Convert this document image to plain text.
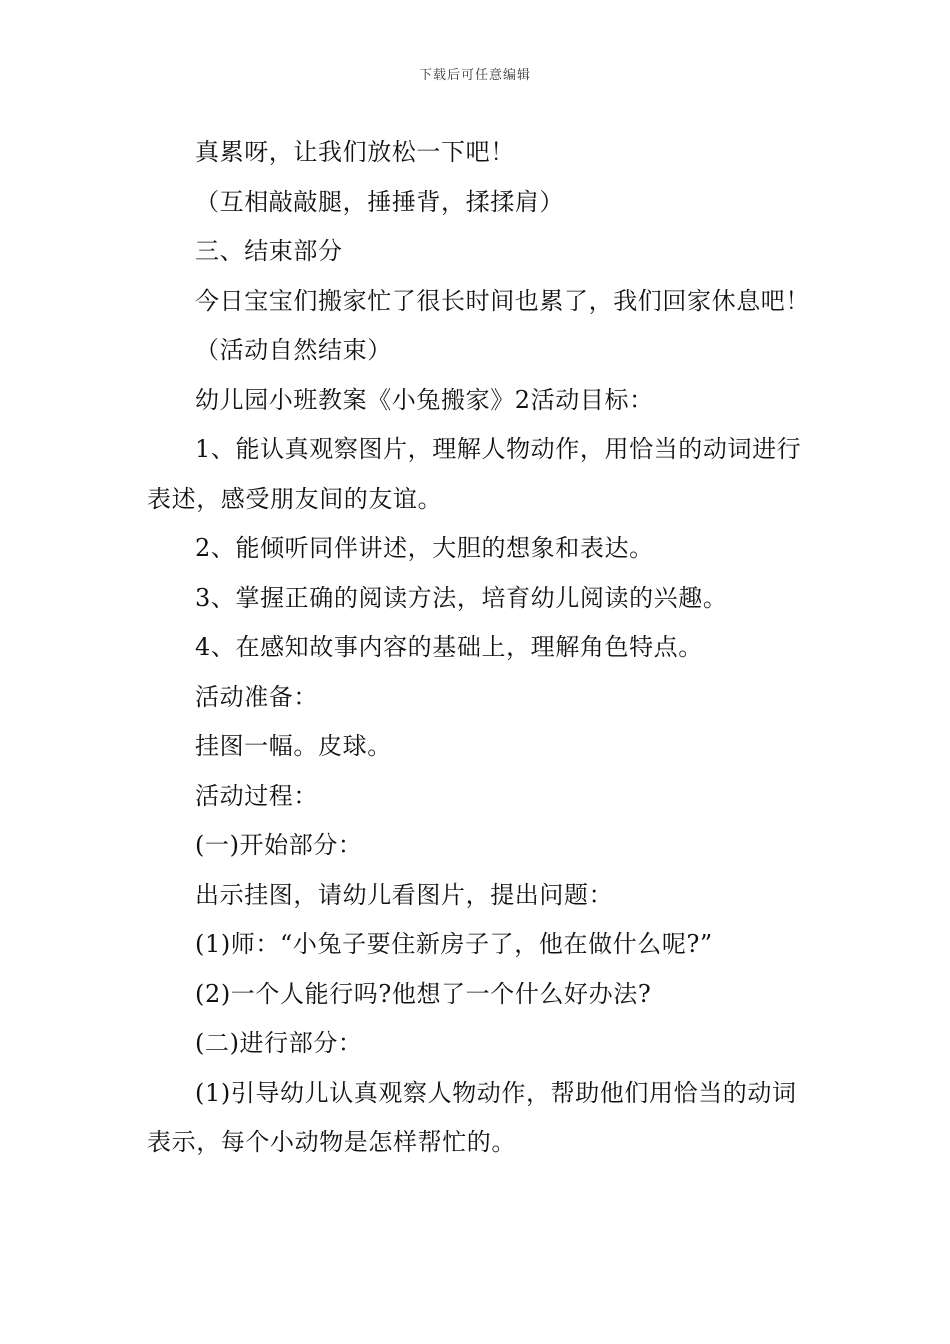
下载后可任意编辑

真累呀，让我们放松一下吧！

（互相敲敲腿，捶捶背，揉揉肩）

三、结束部分

今日宝宝们搬家忙了很长时间也累了，我们回家休息吧！

（活动自然结束）

幼儿园小班教案《小兔搬家》2活动目标：

1、能认真观察图片，理解人物动作，用恰当的动词进行表述，感受朋友间的友谊。

2、能倾听同伴讲述，大胆的想象和表达。

3、掌握正确的阅读方法，培育幼儿阅读的兴趣。

4、在感知故事内容的基础上，理解角色特点。

活动准备：

挂图一幅。皮球。

活动过程：

(一)开始部分：

出示挂图，请幼儿看图片，提出问题：

(1)师：“小兔子要住新房子了，他在做什么呢?”

(2)一个人能行吗?他想了一个什么好办法?

(二)进行部分：

(1)引导幼儿认真观察人物动作，帮助他们用恰当的动词表示，每个小动物是怎样帮忙的。
